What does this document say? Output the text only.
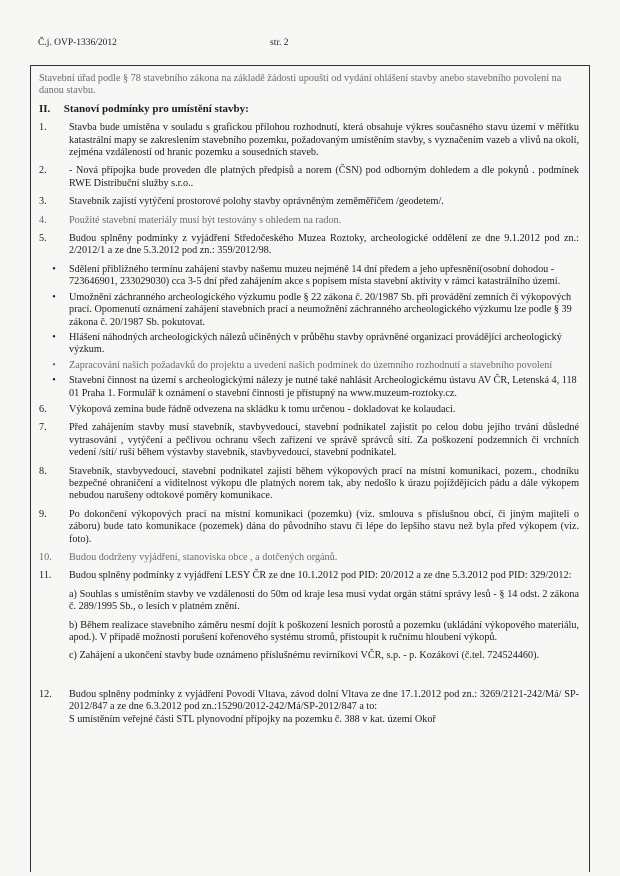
Č.j. OVP-1336/2012	str. 2

Stavební úřad podle § 78 stavebního zákona na základě žádosti upouští od vydání ohlášení stavby anebo stavebního povolení na danou stavbu.

II. Stanoví podmínky pro umístění stavby:
1.	Stavba bude umístěna v souladu s grafickou přílohou rozhodnutí, která obsahuje výkres současného stavu území v měřítku katastrální mapy se zakreslením stavebního pozemku, požadovaným umístěním stavby, s vyznačením vazeb a vlivů na okolí, zejména vzdáleností od hranic pozemku a sousedních staveb.
2.	- Nová přípojka bude proveden dle platných předpisů a norem (ČSN) pod odborným dohledem a dle pokynů . podmínek RWE Distribuční služby s.r.o..
3.	Stavebník zajistí vytýčení prostorové polohy stavby oprávněným zeměměřičem /geodetem/.
4.	Použité stavební materiály musí být testovány s ohledem na radon.
5.	Budou splněny podmínky z vyjádření Středočeského Muzea Roztoky, archeologické oddělení ze dne 9.1.2012 pod zn.: 2/2012/1 a ze dne 5.3.2012 pod zn.: 359/2012/98.
•	Sdělení přibližného termínu zahájení stavby našemu muzeu nejméně 14 dní předem a jeho upřesnění(osobní dohodou - 723646901, 233029030) cca 3-5 dní před zahájením akce s popisem místa stavební aktivity v rámci katastrálního území.
•	Umožnění záchranného archeologického výzkumu podle § 22 zákona č. 20/1987 Sb. při provádění zemních či výkopových prací. Opomenutí oznámení zahájení stavebních prací a neumožnění záchranného archeologického výzkumu lze podle § 39 zákona č. 20/1987 Sb. pokutovat.
•	Hlášení náhodných archeologických nálezů učiněných v průběhu stavby oprávněné organizaci provádějící archeologický výzkum.
•	Zapracování našich požadavků do projektu a uvedení našich podmínek do územního rozhodnutí a stavebního povolení
•	Stavební činnost na území s archeologickými nálezy je nutné také nahlásit Archeologickému ústavu AV ČR, Letenská 4, 118 01 Praha 1. Formulář k oznámení o stavební činnosti je přístupný na www.muzeum-roztoky.cz.
6.	Výkopová zemina bude řádně odvezena na skládku k tomu určenou - dokladovat ke kolaudaci.
7.	Před zahájením stavby musí stavebník, stavbyvedoucí, stavební podnikatel zajistit po celou dobu jejího trvání důsledné vytrasování , vytýčení a pečlivou ochranu všech zařízení ve správě správců sítí. Za poškození podzemních či vrchních vedení /sítí/ ruší během výstavby stavebník, stavbyvedoucí, stavební podnikatel.
8.	Stavebník, stavbyvedoucí, stavební podnikatel zajistí během výkopových prací na místní komunikaci, pozem., chodníku bezpečné ohraničení a viditelnost výkopu dle platných norem tak, aby nedošlo k úrazu pojíždějících pádu a dále výkopem nebudou narušeny odtokové poměry komunikace.
9.	Po dokončení výkopových prací na místní komunikaci (pozemku) (viz. smlouva s příslušnou obcí, či jiným majiteli o záboru) bude tato komunikace (pozemek) dána do původního stavu či lépe do lepšího stavu než byla před výkopem (viz. foto).
10.	Budou dodrženy vyjádření, stanoviska obce , a dotčených orgánů.
11.	Budou splněny podmínky z vyjádření LESY ČR ze dne 10.1.2012 pod PID: 20/2012 a ze dne 5.3.2012 pod PID: 329/2012:
a) Souhlas s umístěním stavby ve vzdálenosti do 50m od kraje lesa musí vydat orgán státní správy lesů - § 14 odst. 2 zákona č. 289/1995 Sb., o lesích v platném znění.
b) Během realizace stavebního záměru nesmí dojít k poškození lesních porostů a pozemku (ukládání výkopového materiálu, apod.). V případě možnosti porušení kořenového systému stromů, přistoupit k ručnímu hloubení výkopů.
c) Zahájení a ukončení stavby bude oznámeno příslušnému revírníkovi VČR, s.p. - p. Kozákovi (č.tel. 724524460).
12.	Budou splněny podmínky z vyjádření Povodí Vltava, závod dolní Vltava ze dne 17.1.2012 pod zn.: 3269/2121-242/Má/ SP-2012/847 a ze dne 6.3.2012 pod zn.:15290/2012-242/Má/SP-2012/847 a to:
S umístěním veřejné části STL plynovodní přípojky na pozemku č. 388 v kat. území Okoř
